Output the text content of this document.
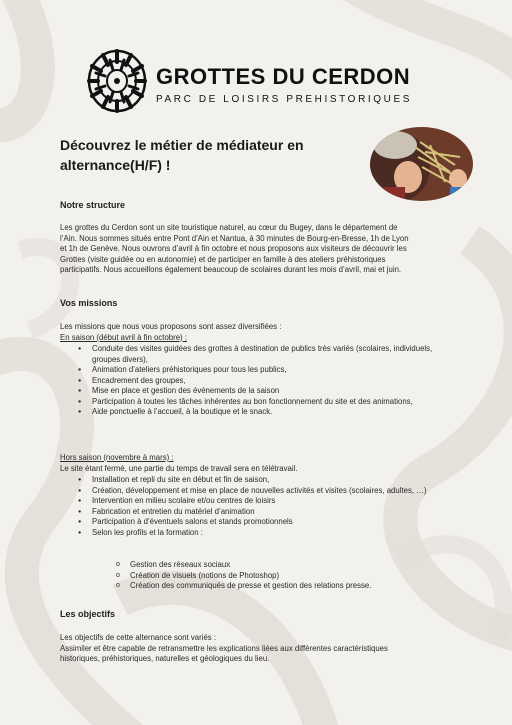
GROTTES DU CERDON
PARC DE LOISIRS PREHISTORIQUES
Découvrez le métier de médiateur en alternance(H/F) !
Notre structure
Les grottes du Cerdon sont un site touristique naturel, au cœur du Bugey, dans le département de
l’Ain. Nous sommes situés entre Pont d’Ain et Nantua, à 30 minutes de Bourg-en-Bresse, 1h de Lyon
et 1h de Genève. Nous ouvrons d’avril à fin octobre et nous proposons aux visiteurs de découvrir les
Grottes (visite guidée ou en autonomie) et de participer en famille à des ateliers préhistoriques
participatifs. Nous accueillons également beaucoup de scolaires durant les mois d’avril, mai et juin.
Vos missions
Les missions que nous vous proposons sont assez diversifiées :
En saison (début avril à fin octobre) :
● Conduite des visites guidées des grottes à destination de publics très variés (scolaires, individuels, groupes divers),
● Animation d’ateliers préhistoriques pour tous les publics,
● Encadrement des groupes,
● Mise en place et gestion des événements de la saison
● Participation à toutes les tâches inhérentes au bon fonctionnement du site et des animations,
● Aide ponctuelle à l’accueil, à la boutique et le snack.
Hors saison (novembre à mars) :
Le site étant fermé, une partie du temps de travail sera en télétravail.
● Installation et repli du site en début et fin de saison,
● Création, développement et mise en place de nouvelles activités et visites (scolaires, adultes, …)
● Intervention en milieu scolaire et/ou centres de loisirs
● Fabrication et entretien du matériel d’animation
● Participation à d’éventuels salons et stands promotionnels
● Selon les profils et la formation :
o Gestion des réseaux sociaux
o Création de visuels (notions de Photoshop)
o Création des communiqués de presse et gestion des relations presse.
Les objectifs
Les objectifs de cette alternance sont variés :
Assimiler et être capable de retransmettre les explications liées aux différentes caractéristiques
historiques, préhistoriques, naturelles et géologiques du lieu.
